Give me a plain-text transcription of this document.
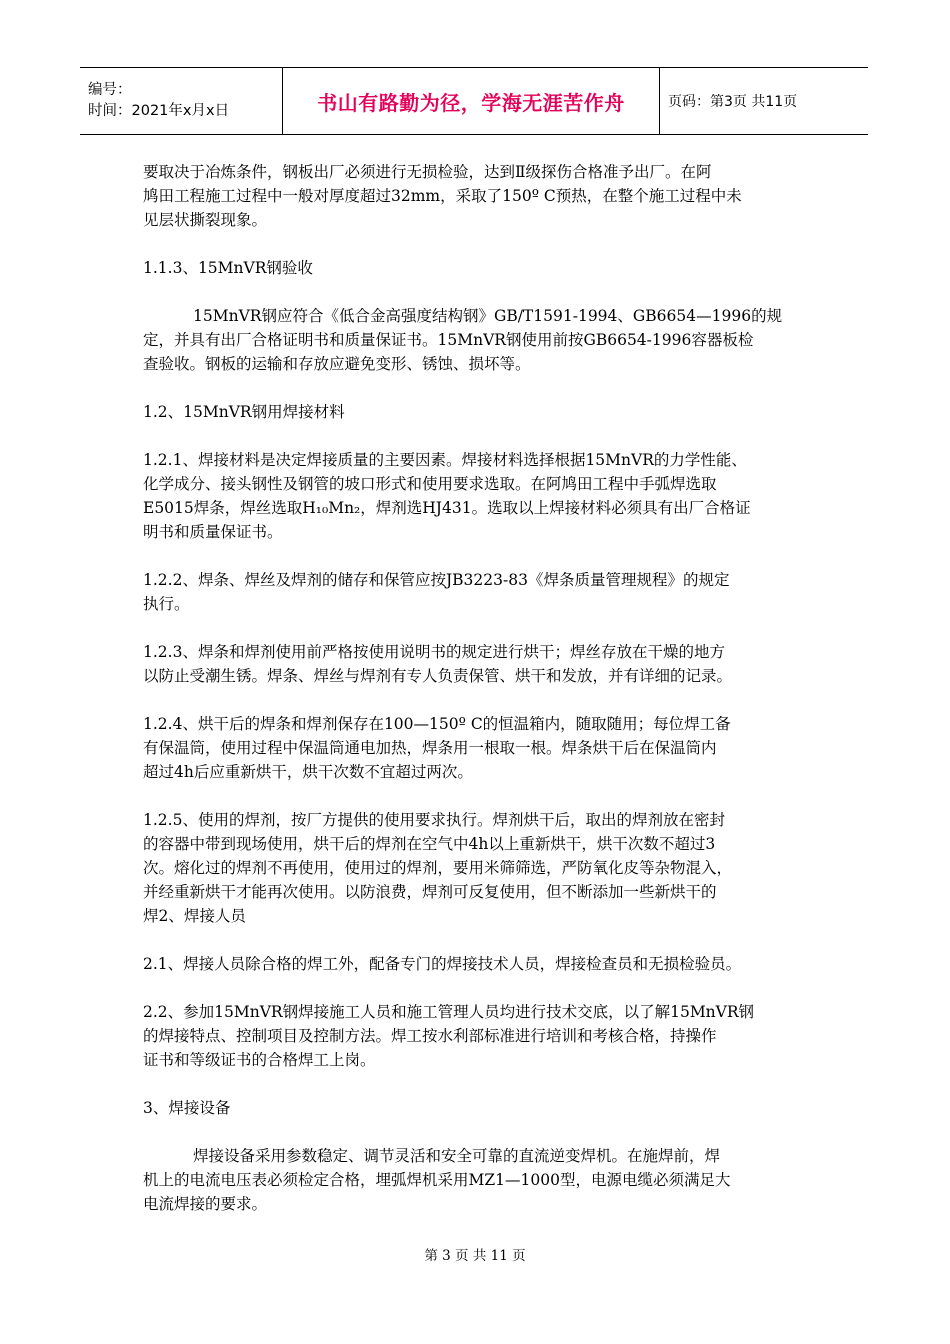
编号：
时间：2021年x月x日	书山有路勤为径，学海无涯苦作舟	页码：第3页 共11页

要取决于冶炼条件，钢板出厂必须进行无损检验，达到Ⅱ级探伤合格准予出厂。在阿
鸠田工程施工过程中一般对厚度超过32mm，采取了150º C预热，在整个施工过程中未
见层状撕裂现象。

1.1.3、15MnVR钢验收

15MnVR钢应符合《低合金高强度结构钢》GB/T1591-1994、GB6654—1996的规
定，并具有出厂合格证明书和质量保证书。15MnVR钢使用前按GB6654-1996容器板检
查验收。钢板的运输和存放应避免变形、锈蚀、损坏等。

1.2、15MnVR钢用焊接材料

1.2.1、焊接材料是决定焊接质量的主要因素。焊接材料选择根据15MnVR的力学性能、
化学成分、接头钢性及钢管的坡口形式和使用要求选取。在阿鸠田工程中手弧焊选取
E5015焊条，焊丝选取H₁₀Mn₂，焊剂选HJ431。选取以上焊接材料必须具有出厂合格证
明书和质量保证书。

1.2.2、焊条、焊丝及焊剂的储存和保管应按JB3223-83《焊条质量管理规程》的规定
执行。

1.2.3、焊条和焊剂使用前严格按使用说明书的规定进行烘干；焊丝存放在干燥的地方
以防止受潮生锈。焊条、焊丝与焊剂有专人负责保管、烘干和发放，并有详细的记录。

1.2.4、烘干后的焊条和焊剂保存在100—150º C的恒温箱内，随取随用；每位焊工备
有保温筒，使用过程中保温筒通电加热，焊条用一根取一根。焊条烘干后在保温筒内
超过4h后应重新烘干，烘干次数不宜超过两次。

1.2.5、使用的焊剂，按厂方提供的使用要求执行。焊剂烘干后，取出的焊剂放在密封
的容器中带到现场使用，烘干后的焊剂在空气中4h以上重新烘干，烘干次数不超过3
次。熔化过的焊剂不再使用，使用过的焊剂，要用米筛筛选，严防氧化皮等杂物混入，
并经重新烘干才能再次使用。以防浪费，焊剂可反复使用，但不断添加一些新烘干的
焊2、焊接人员

2.1、焊接人员除合格的焊工外，配备专门的焊接技术人员，焊接检查员和无损检验员。

2.2、参加15MnVR钢焊接施工人员和施工管理人员均进行技术交底，以了解15MnVR钢
的焊接特点、控制项目及控制方法。焊工按水利部标准进行培训和考核合格，持操作
证书和等级证书的合格焊工上岗。

3、焊接设备

焊接设备采用参数稳定、调节灵活和安全可靠的直流逆变焊机。在施焊前，焊
机上的电流电压表必须检定合格，埋弧焊机采用MZ1—1000型，电源电缆必须满足大
电流焊接的要求。

第 3 页 共 11 页
